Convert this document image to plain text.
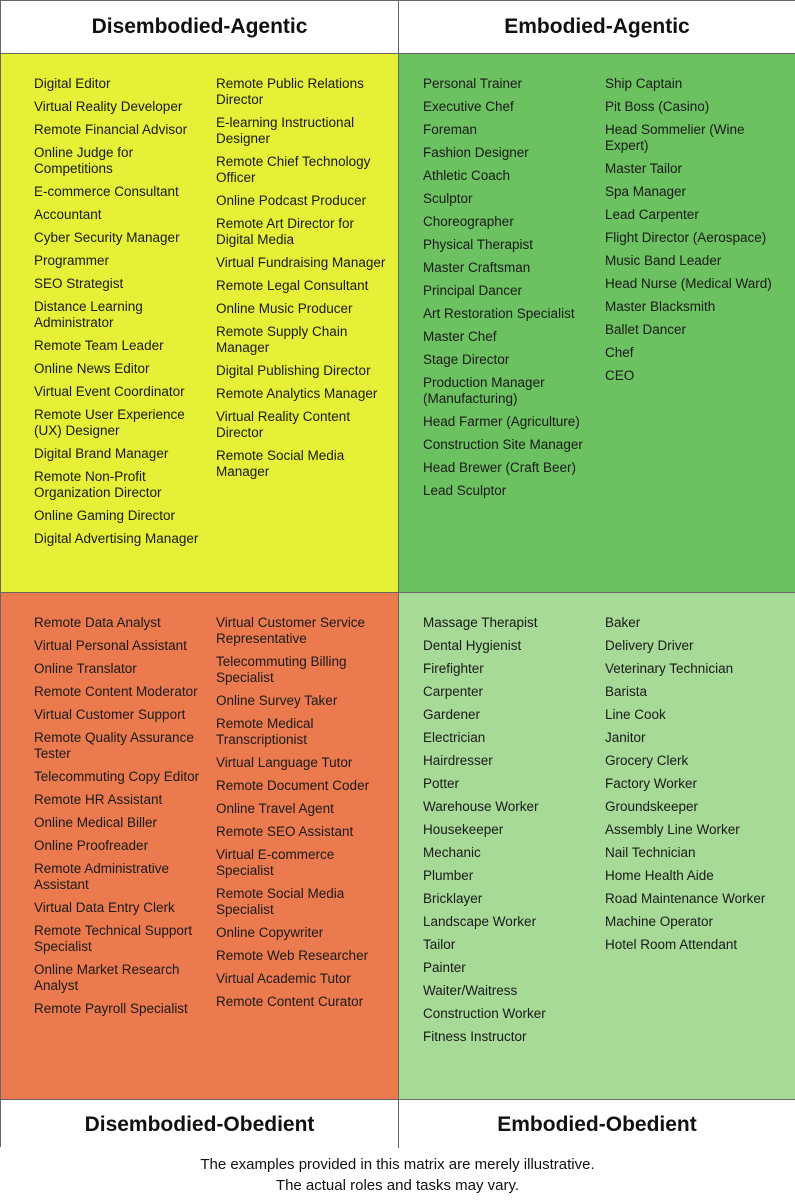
Disembodied-Agentic	Embodied-Agentic
Digital Editor
Virtual Reality Developer
Remote Financial Advisor
Online Judge for Competitions
E-commerce Consultant
Accountant
Cyber Security Manager
Programmer
SEO Strategist
Distance Learning Administrator
Remote Team Leader
Online News Editor
Virtual Event Coordinator
Remote User Experience (UX) Designer
Digital Brand Manager
Remote Non-Profit Organization Director
Online Gaming Director
Digital Advertising Manager
Remote Public Relations Director
E-learning Instructional Designer
Remote Chief Technology Officer
Online Podcast Producer
Remote Art Director for Digital Media
Virtual Fundraising Manager
Remote Legal Consultant
Online Music Producer
Remote Supply Chain Manager
Digital Publishing Director
Remote Analytics Manager
Virtual Reality Content Director
Remote Social Media Manager
Personal Trainer
Executive Chef
Foreman
Fashion Designer
Athletic Coach
Sculptor
Choreographer
Physical Therapist
Master Craftsman
Principal Dancer
Art Restoration Specialist
Master Chef
Stage Director
Production Manager (Manufacturing)
Head Farmer (Agriculture)
Construction Site Manager
Head Brewer (Craft Beer)
Lead Sculptor
Ship Captain
Pit Boss (Casino)
Head Sommelier (Wine Expert)
Master Tailor
Spa Manager
Lead Carpenter
Flight Director (Aerospace)
Music Band Leader
Head Nurse (Medical Ward)
Master Blacksmith
Ballet Dancer
Chef
CEO
Remote Data Analyst
Virtual Personal Assistant
Online Translator
Remote Content Moderator
Virtual Customer Support
Remote Quality Assurance Tester
Telecommuting Copy Editor
Remote HR Assistant
Online Medical Biller
Online Proofreader
Remote Administrative Assistant
Virtual Data Entry Clerk
Remote Technical Support Specialist
Online Market Research Analyst
Remote Payroll Specialist
Virtual Customer Service Representative
Telecommuting Billing Specialist
Online Survey Taker
Remote Medical Transcriptionist
Virtual Language Tutor
Remote Document Coder
Online Travel Agent
Remote SEO Assistant
Virtual E-commerce Specialist
Remote Social Media Specialist
Online Copywriter
Remote Web Researcher
Virtual Academic Tutor
Remote Content Curator
Massage Therapist
Dental Hygienist
Firefighter
Carpenter
Gardener
Electrician
Hairdresser
Potter
Warehouse Worker
Housekeeper
Mechanic
Plumber
Bricklayer
Landscape Worker
Tailor
Painter
Waiter/Waitress
Construction Worker
Fitness Instructor
Baker
Delivery Driver
Veterinary Technician
Barista
Line Cook
Janitor
Grocery Clerk
Factory Worker
Groundskeeper
Assembly Line Worker
Nail Technician
Home Health Aide
Road Maintenance Worker
Machine Operator
Hotel Room Attendant
Disembodied-Obedient	Embodied-Obedient
The examples provided in this matrix are merely illustrative.
The actual roles and tasks may vary.
